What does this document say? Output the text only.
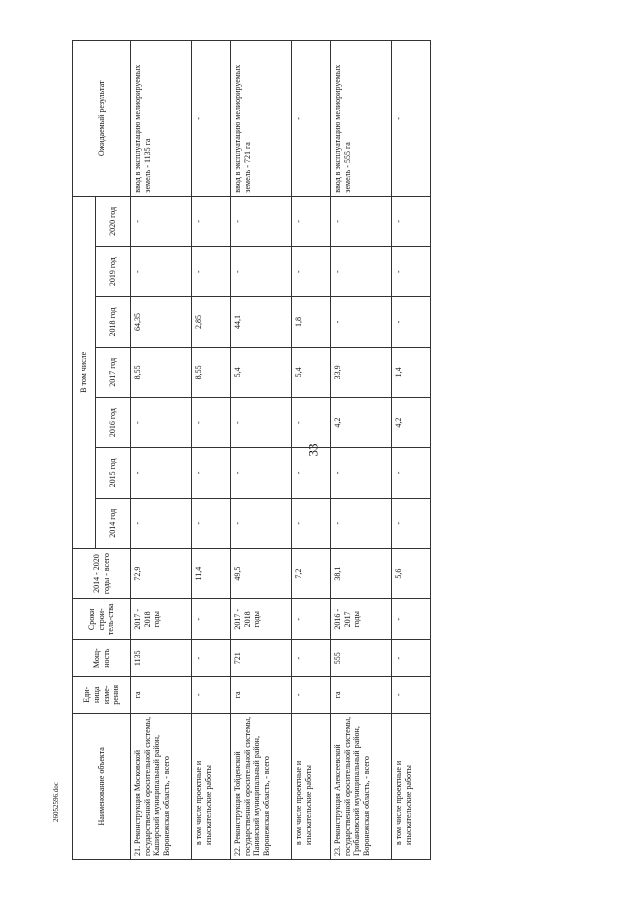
33
26052596.doc	Наименование объекта	Еди-ница изме-рения	Мощ-ность	Сроки строи-тель-ства	2014 - 2020 годы - всего	В том числе							Ожидаемый результат
					2014 год	2015 год	2016 год	2017 год	2018 год	2019 год	2020 год	
21. Реконструкция Московской государственной оросительной системы, Каширский муниципальный район, Воронежская область, - всего	га	1135	2017 - 2018 годы	72,9	-	-	-	8,55	64,35	-	-	ввод в эксплуатацию мелиорируемых земель - 1135 га
в том числе проектные и изыскательские работы	-	-	-	11,4	-	-	-	8,55	2,85	-	-	-
22. Реконструкция Тойденской государственной оросительной системы, Панинский муниципальный район, Воронежская область, - всего	га	721	2017 - 2018 годы	49,5	-	-	-	5,4	44,1	-	-	ввод в эксплуатацию мелиорируемых земель - 721 га
в том числе проектные и изыскательские работы	-	-	-	7,2	-	-	-	5,4	1,8	-	-	-
23. Реконструкция Алексеевской государственной оросительной системы, Грибановский муниципальный район, Воронежская область, - всего	га	555	2016 - 2017 годы	38,1	-	-	4,2	33,9	-	-	-	ввод в эксплуатацию мелиорируемых земель - 555 га
в том числе проектные и изыскательские работы	-	-	-	5,6	-	-	4,2	1,4	-	-	-	-
